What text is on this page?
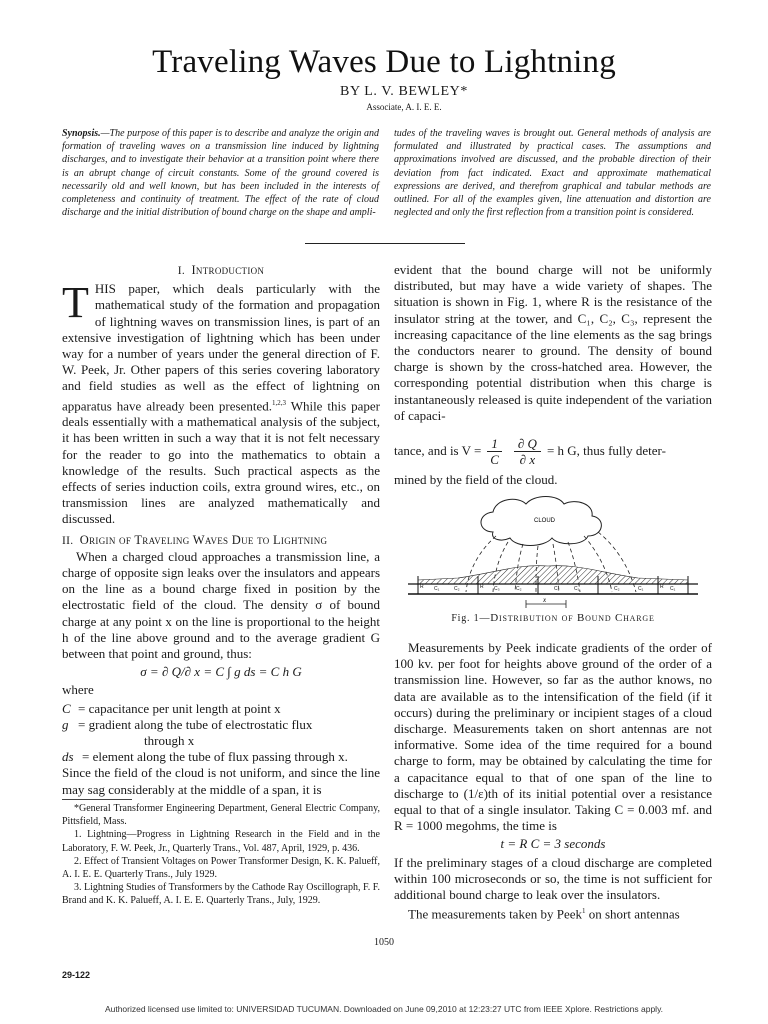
Traveling Waves Due to Lightning
BY L. V. BEWLEY*
Associate, A. I. E. E.
Synopsis.—The purpose of this paper is to describe and analyze the origin and formation of traveling waves on a transmission line induced by lightning discharges, and to investigate their behavior at a transition point where there is an abrupt change of circuit constants. Some of the ground covered is necessarily old and well known, but has been included in the interests of completeness and continuity of treatment. The effect of the rate of cloud discharge and the initial distribution of bound charge on the shape and ampli-
tudes of the traveling waves is brought out. General methods of analysis are formulated and illustrated by practical cases. The assumptions and approximations involved are discussed, and the probable direction of their deviation from fact indicated. Exact and approximate mathematical expressions are derived, and therefrom graphical and tabular methods are outlined. For all of the examples given, line attenuation and distortion are neglected and only the first reflection from a transition point is considered.
I. Introduction
THIS paper, which deals particularly with the mathematical study of the formation and propagation of lightning waves on transmission lines, is part of an extensive investigation of lightning which has been under way for a number of years under the general direction of F. W. Peek, Jr. Other papers of this series covering laboratory and field studies as well as the effect of lightning on apparatus have already been presented.$^{1,2,3}$ While this paper deals essentially with a mathematical analysis of the subject, it has been written in such a way that it is not felt necessary for the reader to go into the mathematics to obtain a knowledge of the results. Such practical aspects as the effects of series induction coils, extra ground wires, etc., on transmission lines are analyzed mathematically and discussed.
II. Origin of Traveling Waves Due to Lightning
When a charged cloud approaches a transmission line, a charge of opposite sign leaks over the insulators and appears on the line as a bound charge fixed in position by the electrostatic field of the cloud. The density σ of bound charge at any point x on the line is proportional to the height h of the line above ground and to the average gradient G between that point and ground, thus:
σ = ∂ Q/∂ x = C ∫ g ds = C h G
where
C = capacitance per unit length at point x
g = gradient along the tube of electrostatic flux
through x
ds = element along the tube of flux passing through x.
Since the field of the cloud is not uniform, and since the line may sag considerably at the middle of a span, it is
*General Transformer Engineering Department, General Electric Company, Pittsfield, Mass.
1. Lightning—Progress in Lightning Research in the Field and in the Laboratory, F. W. Peek, Jr., Quarterly Trans., Vol. 487, April, 1929, p. 436.
2. Effect of Transient Voltages on Power Transformer Design, K. K. Palueff, A. I. E. E. Quarterly Trans., July 1929.
3. Lightning Studies of Transformers by the Cathode Ray Oscillograph, F. F. Brand and K. K. Palueff, A. I. E. E. Quarterly Trans., July, 1929.
evident that the bound charge will not be uniformly distributed, but may have a wide variety of shapes. The situation is shown in Fig. 1, where R is the resistance of the insulator string at the tower, and C₁, C₂, C₃, represent the increasing capacitance of the line elements as the sag brings the conductors nearer to ground. The density of bound charge is shown by the cross-hatched area. However, the corresponding potential distribution when this charge is instantaneously released is quite independent of the variation of capaci-
tance, and is $V = \frac{1}{C} \frac{\partial Q}{\partial x} = h$ G, thus fully deter-
mined by the field of the cloud.
CLOUD
C₁	C₂	C₃	C₂	C₁	C₁	C₂	C₁	C₁
R	R	R
x
Fig. 1—Distribution of Bound Charge
Measurements by Peek indicate gradients of the order of 100 kv. per foot for heights above ground of the order of a transmission line. However, so far as the author knows, no data are available as to the intensification of the field (if it occurs) during the preliminary or incipient stages of a cloud discharge. Measurements taken on short antennas are not informative. Some idea of the time required for a bound charge to form, may be obtained by calculating the time for a capacitance equal to that of one span of the line to discharge to (1/ε)th of its initial potential over a resistance equal to that of a single insulator. Taking C = 0.003 mf. and R = 1000 megohms, the time is
t = R C = 3 seconds
If the preliminary stages of a cloud discharge are completed within 100 microseconds or so, the time is not sufficient for additional bound charge to leak over the insulators.
The measurements taken by Peek$^1$ on short antennas
1050
29-122
Authorized licensed use limited to: UNIVERSIDAD TUCUMAN. Downloaded on June 09,2010 at 12:23:27 UTC from IEEE Xplore. Restrictions apply.
